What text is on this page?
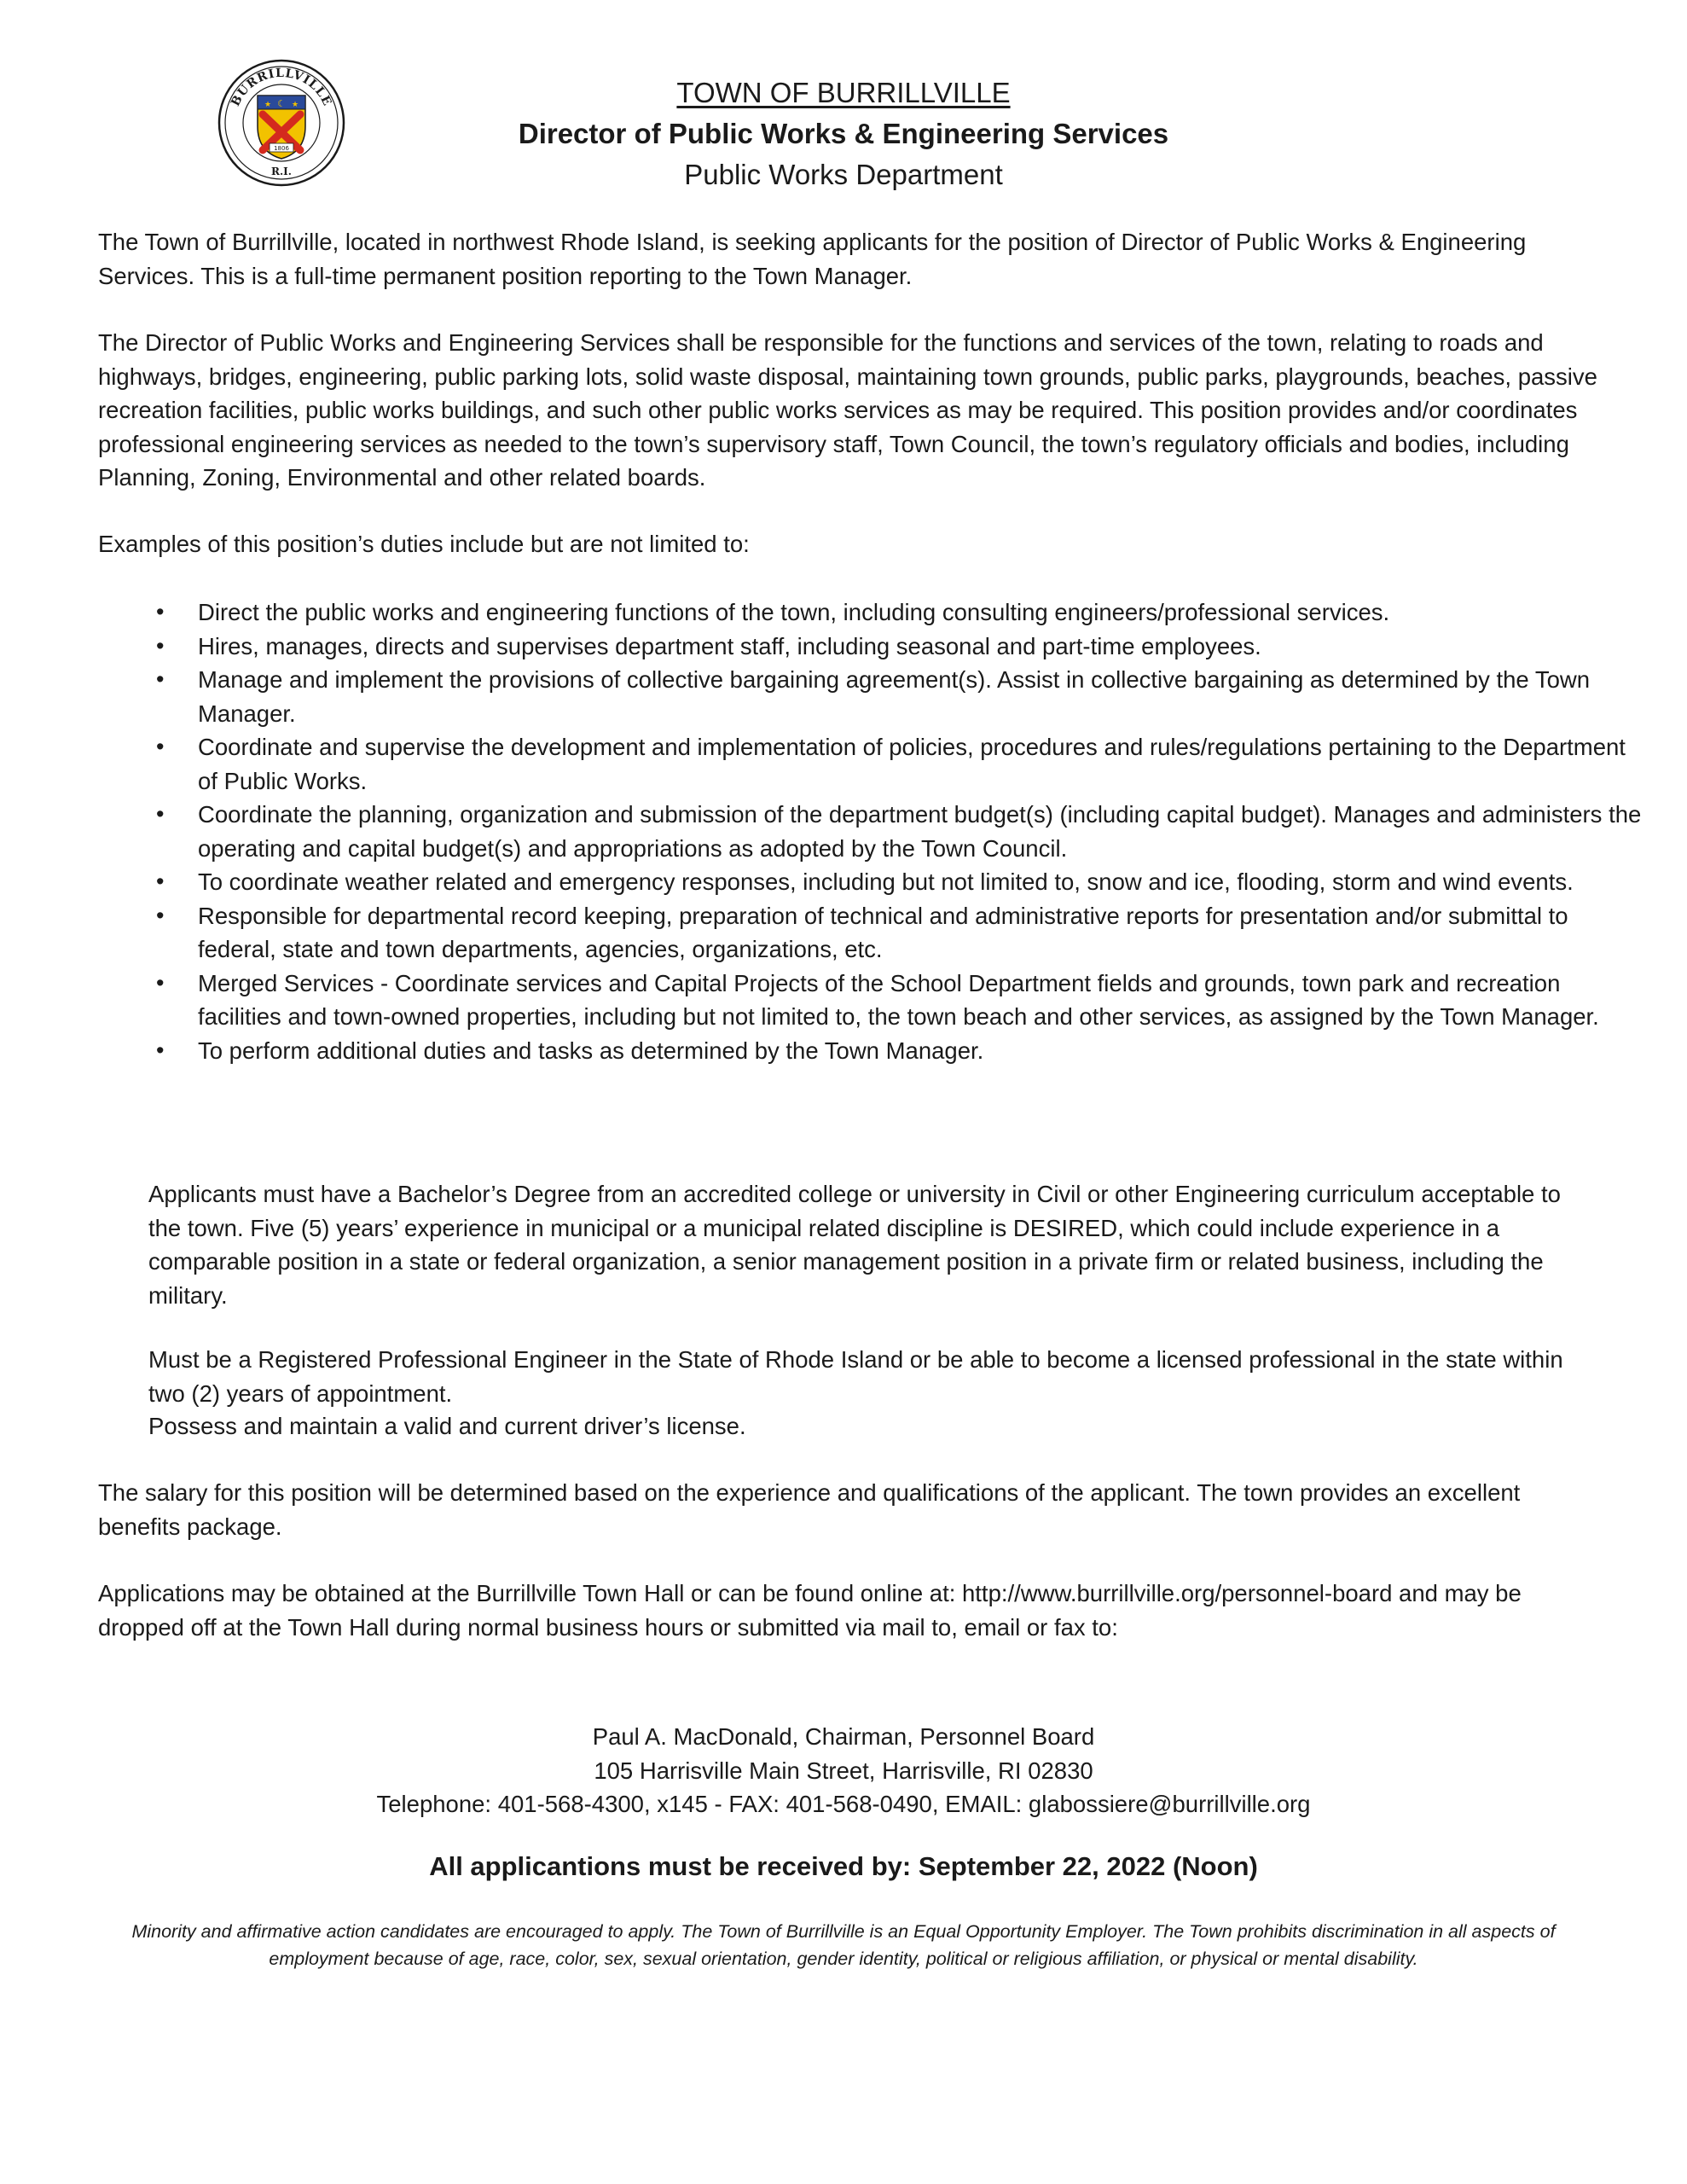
BURRILLVILLE
R.I.
☾
★	★
1806
TOWN OF BURRILLVILLE
Director of Public Works & Engineering Services
Public Works Department

The Town of Burrillville, located in northwest Rhode Island, is seeking applicants for the position of Director of Public Works & Engineering Services. This is a full-time permanent position reporting to the Town Manager.

The Director of Public Works and Engineering Services shall be responsible for the functions and services of the town, relating to roads and highways, bridges, engineering, public parking lots, solid waste disposal, maintaining town grounds, public parks, playgrounds, beaches, passive recreation facilities, public works buildings, and such other public works services as may be required. This position provides and/or coordinates professional engineering services as needed to the town’s supervisory staff, Town Council, the town’s regulatory officials and bodies, including Planning, Zoning, Environmental and other related boards.

Examples of this position’s duties include but are not limited to:

• Direct the public works and engineering functions of the town, including consulting engineers/professional services.
• Hires, manages, directs and supervises department staff, including seasonal and part-time employees.
• Manage and implement the provisions of collective bargaining agreement(s). Assist in collective bargaining as determined by the Town Manager.
• Coordinate and supervise the development and implementation of policies, procedures and rules/regulations pertaining to the Department of Public Works.
• Coordinate the planning, organization and submission of the department budget(s) (including capital budget). Manages and administers the operating and capital budget(s) and appropriations as adopted by the Town Council.
• To coordinate weather related and emergency responses, including but not limited to, snow and ice, flooding, storm and wind events.
• Responsible for departmental record keeping, preparation of technical and administrative reports for presentation and/or submittal to federal, state and town departments, agencies, organizations, etc.
• Merged Services - Coordinate services and Capital Projects of the School Department fields and grounds, town park and recreation facilities and town-owned properties, including but not limited to, the town beach and other services, as assigned by the Town Manager.
• To perform additional duties and tasks as determined by the Town Manager.

Applicants must have a Bachelor’s Degree from an accredited college or university in Civil or other Engineering curriculum acceptable to the town. Five (5) years’ experience in municipal or a municipal related discipline is DESIRED, which could include experience in a comparable position in a state or federal organization, a senior management position in a private firm or related business, including the military.

Must be a Registered Professional Engineer in the State of Rhode Island or be able to become a licensed professional in the state within two (2) years of appointment.

Possess and maintain a valid and current driver’s license.

The salary for this position will be determined based on the experience and qualifications of the applicant. The town provides an excellent benefits package.

Applications may be obtained at the Burrillville Town Hall or can be found online at: http://www.burrillville.org/personnel-board and may be dropped off at the Town Hall during normal business hours or submitted via mail to, email or fax to:

Paul A. MacDonald, Chairman, Personnel Board
105 Harrisville Main Street, Harrisville, RI 02830
Telephone: 401-568-4300, x145 - FAX: 401-568-0490, EMAIL: glabossiere@burrillville.org
All applicantions must be received by: September 22, 2022 (Noon)
Minority and affirmative action candidates are encouraged to apply. The Town of Burrillville is an Equal Opportunity Employer. The Town prohibits discrimination in all aspects of employment because of age, race, color, sex, sexual orientation, gender identity, political or religious affiliation, or physical or mental disability.
